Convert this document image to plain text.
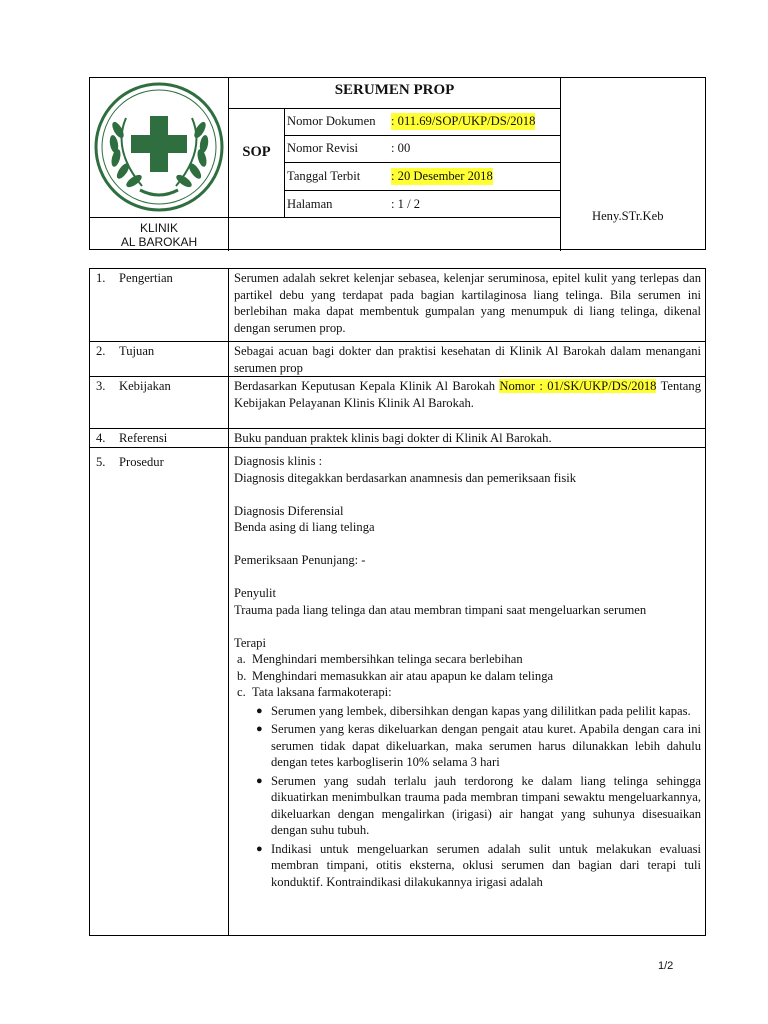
KLINIK
AL BAROKAH
SERUMEN PROP
SOP
Nomor Dokumen	: 011.69/SOP/UKP/DS/2018
Nomor Revisi	: 00
Tanggal Terbit	: 20 Desember 2018
Halaman	: 1 / 2
Heny.STr.Keb
1. Pengertian	Serumen adalah sekret kelenjar sebasea, kelenjar seruminosa, epitel kulit yang terlepas dan partikel debu yang terdapat pada bagian kartilaginosa liang telinga. Bila serumen ini berlebihan maka dapat membentuk gumpalan yang menumpuk di liang telinga, dikenal dengan serumen prop.
2. Tujuan	Sebagai acuan bagi dokter dan praktisi kesehatan di Klinik Al Barokah dalam menangani serumen prop
3. Kebijakan	Berdasarkan Keputusan Kepala Klinik Al Barokah Nomor : 01/SK/UKP/DS/2018 Tentang Kebijakan Pelayanan Klinis Klinik Al Barokah.
4. Referensi	Buku panduan praktek klinis bagi dokter di Klinik Al Barokah.
5. Prosedur	Diagnosis klinis :
Diagnosis ditegakkan berdasarkan anamnesis dan pemeriksaan fisik
Diagnosis Diferensial
Benda asing di liang telinga
Pemeriksaan Penunjang: -
Penyulit
Trauma pada liang telinga dan atau membran timpani saat mengeluarkan serumen
Terapi
a. Menghindari membersihkan telinga secara berlebihan
b. Menghindari memasukkan air atau apapun ke dalam telinga
c. Tata laksana farmakoterapi:
● Serumen yang lembek, dibersihkan dengan kapas yang dililitkan pada pelilit kapas.
● Serumen yang keras dikeluarkan dengan pengait atau kuret. Apabila dengan cara ini serumen tidak dapat dikeluarkan, maka serumen harus dilunakkan lebih dahulu dengan tetes karbogliserin 10% selama 3 hari
● Serumen yang sudah terlalu jauh terdorong ke dalam liang telinga sehingga dikuatirkan menimbulkan trauma pada membran timpani sewaktu mengeluarkannya, dikeluarkan dengan mengalirkan (irigasi) air hangat yang suhunya disesuaikan dengan suhu tubuh.
● Indikasi untuk mengeluarkan serumen adalah sulit untuk melakukan evaluasi membran timpani, otitis eksterna, oklusi serumen dan bagian dari terapi tuli konduktif. Kontraindikasi dilakukannya irigasi adalah
1/2
